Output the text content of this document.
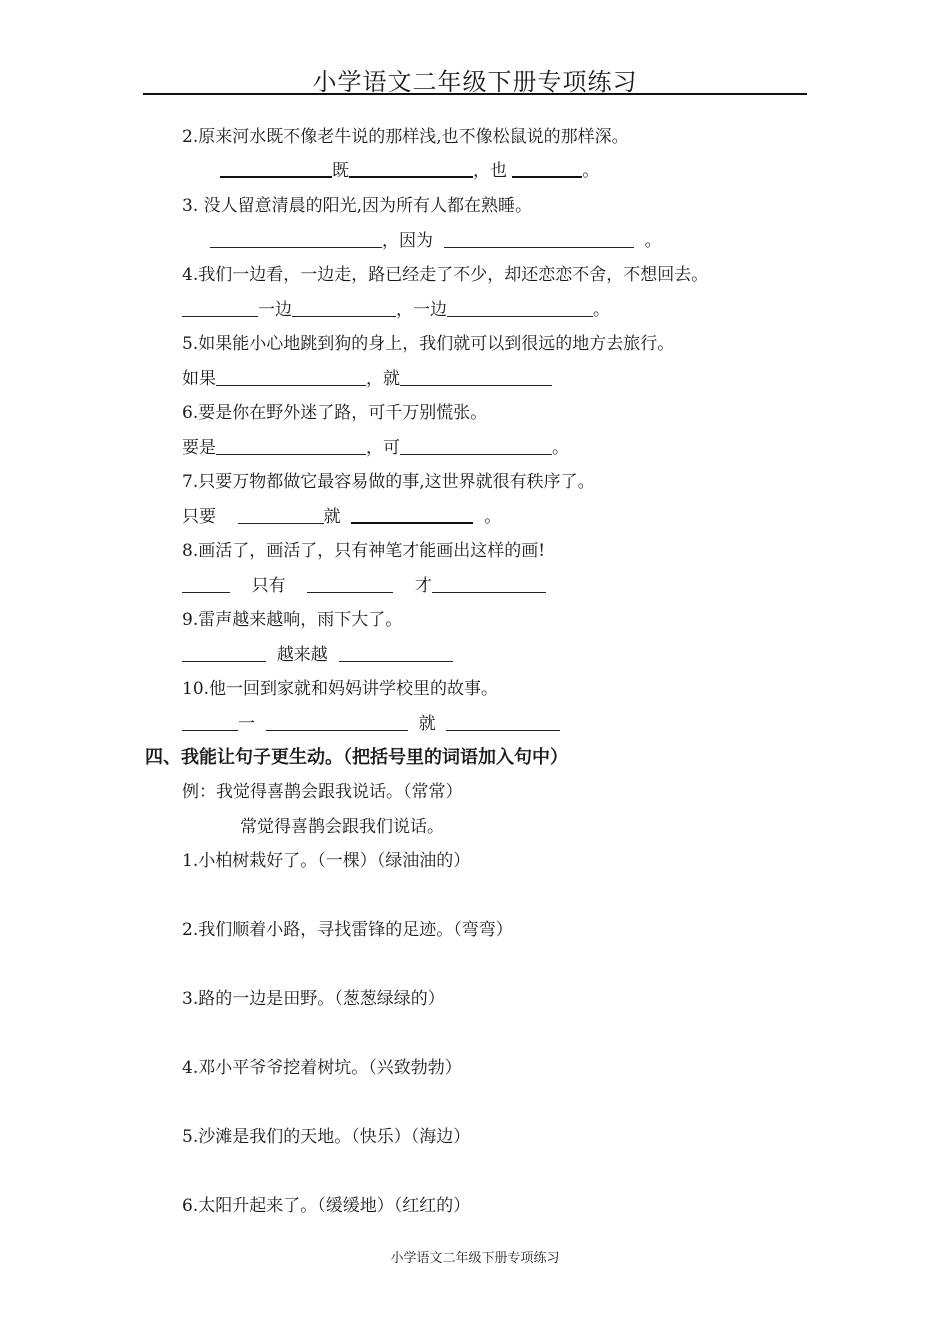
小学语文二年级下册专项练习
2.原来河水既不像老牛说的那样浅,也不像松鼠说的那样深。
既	，也	。
3. 没人留意清晨的阳光,因为所有人都在熟睡。
，因为	。
4.我们一边看，一边走，路已经走了不少，却还恋恋不舍，不想回去。
一边	，一边	。
5.如果能小心地跳到狗的身上，我们就可以到很远的地方去旅行。
如果	，就
6.要是你在野外迷了路，可千万别慌张。
要是	，可	。
7.只要万物都做它最容易做的事,这世界就很有秩序了。
只要	就	。
8.画活了，画活了，只有神笔才能画出这样的画!
只有	才
9.雷声越来越响，雨下大了。
越来越
10.他一回到家就和妈妈讲学校里的故事。
一	就
四、我能让句子更生动。（把括号里的词语加入句中）
例：我觉得喜鹊会跟我说话。（常常）
常觉得喜鹊会跟我们说话。
1.小柏树栽好了。（一棵）（绿油油的）
2.我们顺着小路，寻找雷锋的足迹。（弯弯）
3.路的一边是田野。（葱葱绿绿的）
4.邓小平爷爷挖着树坑。（兴致勃勃）
5.沙滩是我们的天地。（快乐）（海边）
6.太阳升起来了。（缓缓地）（红红的）
小学语文二年级下册专项练习
